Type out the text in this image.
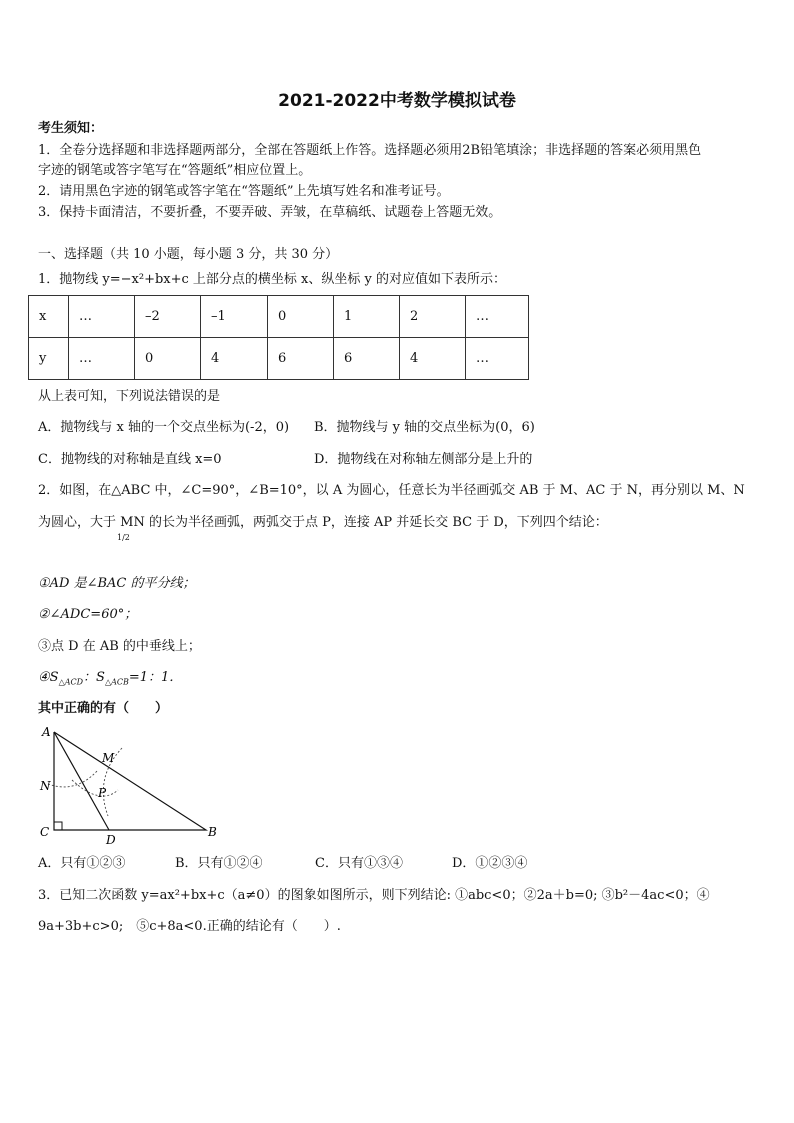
2021-2022中考数学模拟试卷
考生须知：
1．全卷分选择题和非选择题两部分，全部在答题纸上作答。选择题必须用2B铅笔填涂；非选择题的答案必须用黑色
字迹的钢笔或答字笔写在“答题纸”相应位置上。
2．请用黑色字迹的钢笔或答字笔在“答题纸”上先填写姓名和准考证号。
3．保持卡面清洁，不要折叠，不要弄破、弄皱，在草稿纸、试题卷上答题无效。
一、选择题（共 10 小题，每小题 3 分，共 30 分）
1．抛物线 y=−x²+bx+c 上部分点的横坐标 x、纵坐标 y 的对应值如下表所示：
x	…	–2	–1	0	1	2	…
y	…	0	4	6	6	4	…
从上表可知，下列说法错误的是
A．抛物线与 x 轴的一个交点坐标为(-2，0) B．抛物线与 y 轴的交点坐标为(0，6)
C．抛物线的对称轴是直线 x=0	D．抛物线在对称轴左侧部分是上升的
2．如图，在△ABC 中，∠C=90°，∠B=10°，以 A 为圆心，任意长为半径画弧交 AB 于 M、AC 于 N，再分别以 M、N
为圆心，大于 MN 的长为半径画弧，两弧交于点 P，连接 AP 并延长交 BC 于 D，下列四个结论：
1/2
①AD 是∠BAC 的平分线；
②∠ADC=60°；
③点 D 在 AB 的中垂线上；
$④S_{\triangle ACD}$：$S_{\triangle ACB}=1$：1．
其中正确的有（　　）
A
M
N	P
C
D
B
A．只有①②③	B．只有①②④	C．只有①③④	D．①②③④
3．已知二次函数 y=ax²+bx+c（a≠0）的图象如图所示，则下列结论: ①abc<0；②2a＋b=0; ③b²－4ac<0；④
9a+3b+c>0;　⑤c+8a<0.正确的结论有（　　）.
